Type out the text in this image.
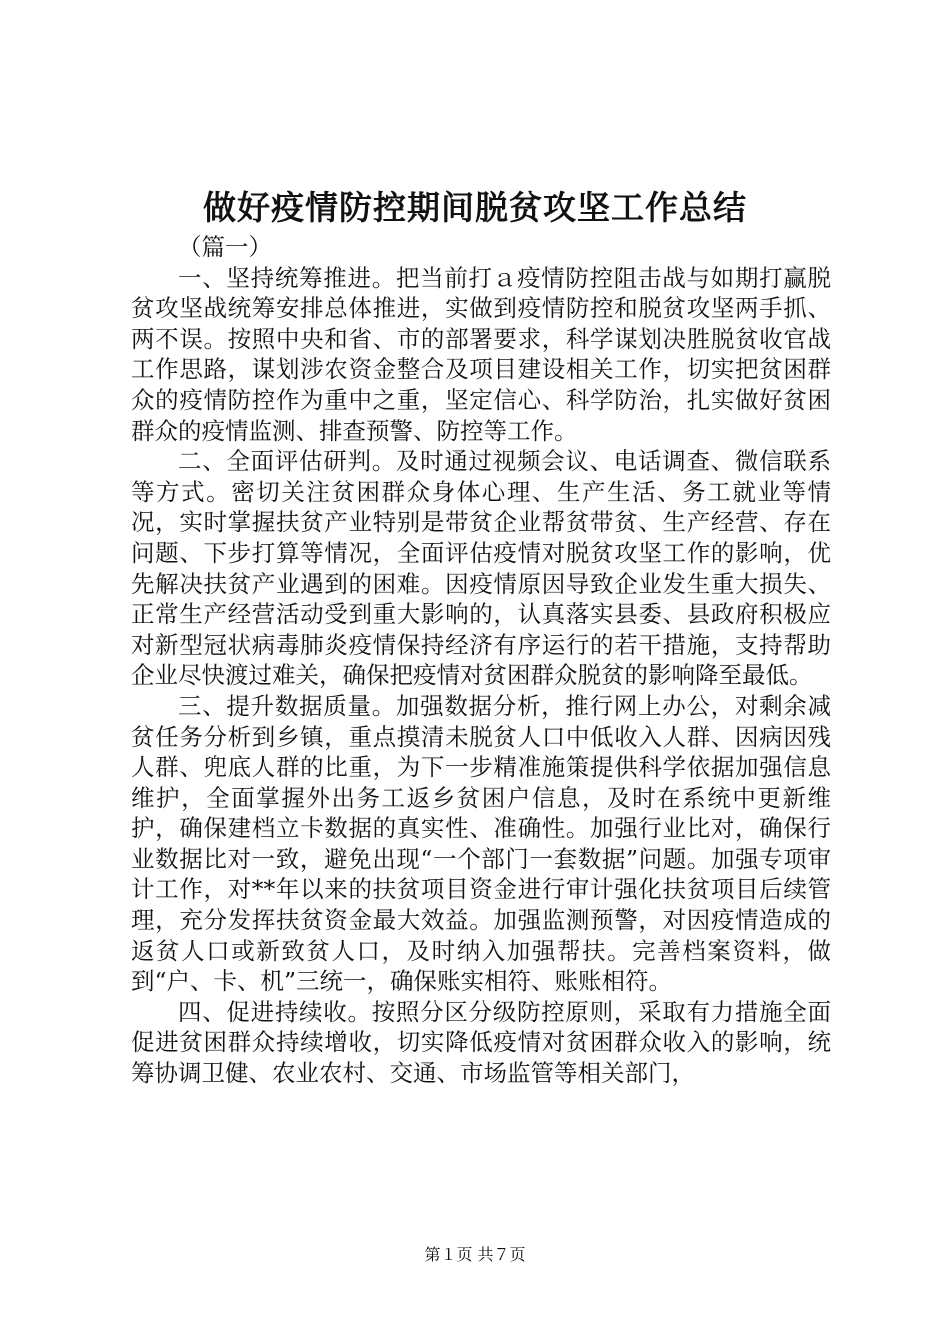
做好疫情防控期间脱贫攻坚工作总结

（篇一）

一、坚持统筹推进。把当前打ａ疫情防控阻击战与如期打赢脱贫攻坚战统筹安排总体推进，实做到疫情防控和脱贫攻坚两手抓、两不误。按照中央和省、市的部署要求，科学谋划决胜脱贫收官战工作思路，谋划涉农资金整合及项目建设相关工作，切实把贫困群众的疫情防控作为重中之重，坚定信心、科学防治，扎实做好贫困群众的疫情监测、排查预警、防控等工作。

二、全面评估研判。及时通过视频会议、电话调查、微信联系等方式。密切关注贫困群众身体心理、生产生活、务工就业等情况，实时掌握扶贫产业特别是带贫企业帮贫带贫、生产经营、存在问题、下步打算等情况，全面评估疫情对脱贫攻坚工作的影响，优先解决扶贫产业遇到的困难。因疫情原因导致企业发生重大损失、正常生产经营活动受到重大影响的，认真落实县委、县政府积极应对新型冠状病毒肺炎疫情保持经济有序运行的若干措施，支持帮助企业尽快渡过难关，确保把疫情对贫困群众脱贫的影响降至最低。

三、提升数据质量。加强数据分析，推行网上办公，对剩余减贫任务分析到乡镇，重点摸清未脱贫人口中低收入人群、因病因残人群、兜底人群的比重，为下一步精准施策提供科学依据加强信息维护，全面掌握外出务工返乡贫困户信息，及时在系统中更新维护，确保建档立卡数据的真实性、准确性。加强行业比对，确保行业数据比对一致，避免出现“一个部门一套数据”问题。加强专项审计工作，对**年以来的扶贫项目资金进行审计强化扶贫项目后续管理，充分发挥扶贫资金最大效益。加强监测预警，对因疫情造成的返贫人口或新致贫人口，及时纳入加强帮扶。完善档案资料，做到“户、卡、机”三统一，确保账实相符、账账相符。

四、促进持续收。按照分区分级防控原则，采取有力措施全面促进贫困群众持续增收，切实降低疫情对贫困群众收入的影响，统筹协调卫健、农业农村、交通、市场监管等相关部门，

第１页 共７页
